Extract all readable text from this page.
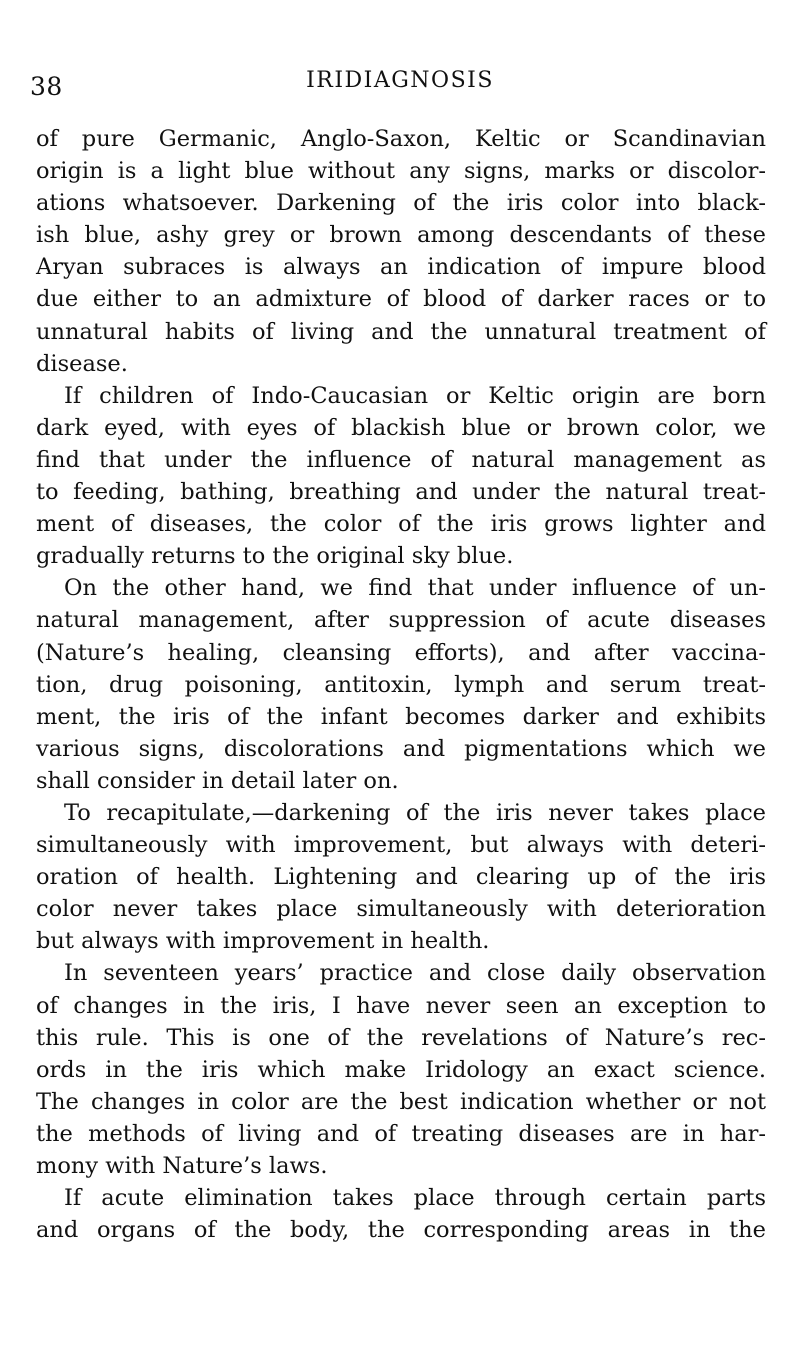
38	IRIDIAGNOSIS
of pure Germanic, Anglo-Saxon, Keltic or Scandinavian
origin is a light blue without any signs, marks or discolor-
ations whatsoever. Darkening of the iris color into black-
ish blue, ashy grey or brown among descendants of these
Aryan subraces is always an indication of impure blood
due either to an admixture of blood of darker races or to
unnatural habits of living and the unnatural treatment of
disease.
If children of Indo-Caucasian or Keltic origin are born
dark eyed, with eyes of blackish blue or brown color, we
find that under the influence of natural management as
to feeding, bathing, breathing and under the natural treat-
ment of diseases, the color of the iris grows lighter and
gradually returns to the original sky blue.
On the other hand, we find that under influence of un-
natural management, after suppression of acute diseases
(Nature’s healing, cleansing efforts), and after vaccina-
tion, drug poisoning, antitoxin, lymph and serum treat-
ment, the iris of the infant becomes darker and exhibits
various signs, discolorations and pigmentations which we
shall consider in detail later on.
To recapitulate,—darkening of the iris never takes place
simultaneously with improvement, but always with deteri-
oration of health. Lightening and clearing up of the iris
color never takes place simultaneously with deterioration
but always with improvement in health.
In seventeen years’ practice and close daily observation
of changes in the iris, I have never seen an exception to
this rule. This is one of the revelations of Nature’s rec-
ords in the iris which make Iridology an exact science.
The changes in color are the best indication whether or not
the methods of living and of treating diseases are in har-
mony with Nature’s laws.
If acute elimination takes place through certain parts
and organs of the body, the corresponding areas in the
